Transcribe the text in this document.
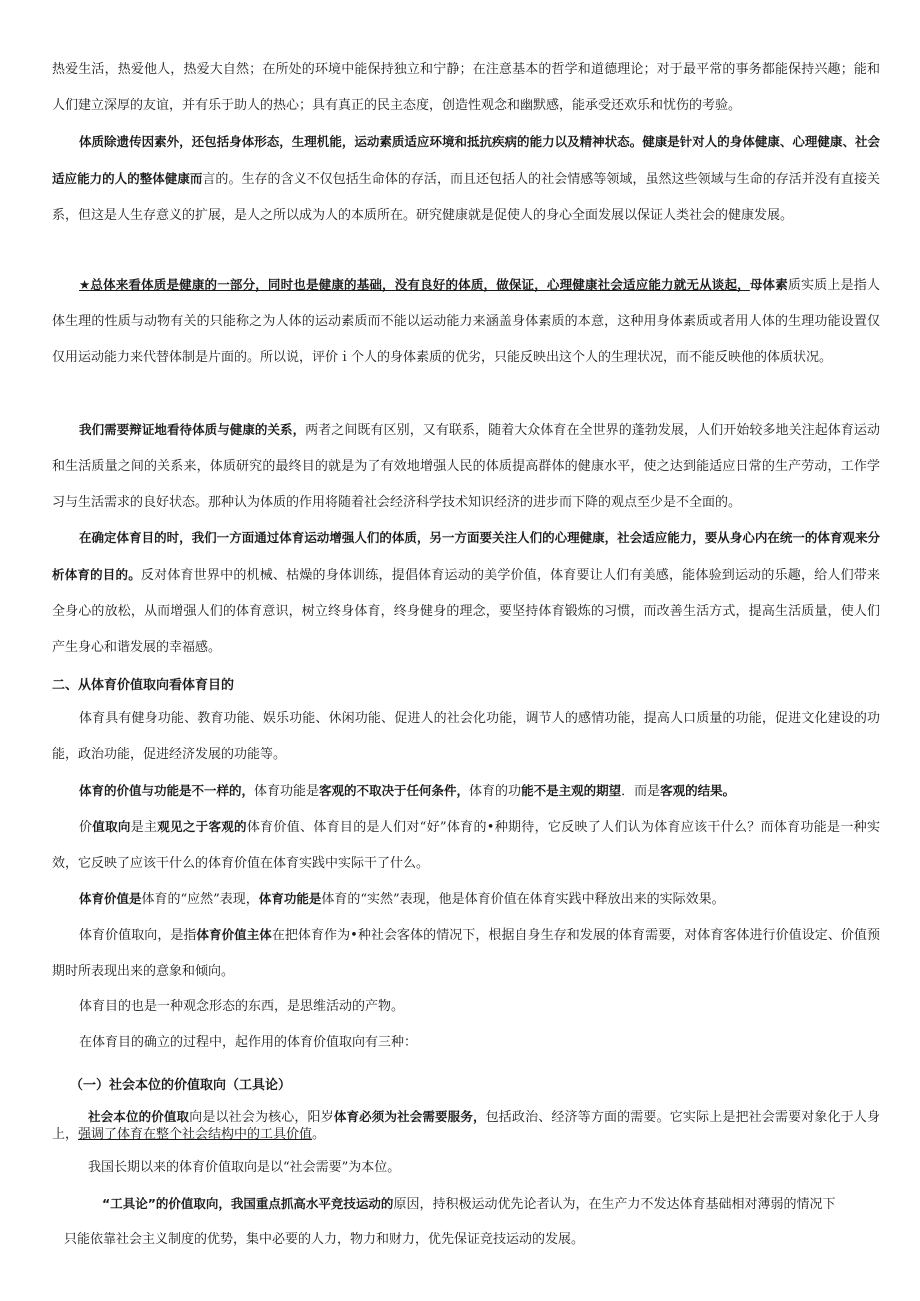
热爱生活，热爱他人，热爱大自然；在所处的环境中能保持独立和宁静；在注意基本的哲学和道德理论；对于最平常的事务都能保持兴趣；能和人们建立深厚的友谊，并有乐于助人的热心；具有真正的民主态度，创造性观念和幽默感，能承受还欢乐和忧伤的考验。

体质除遗传因素外，还包括身体形态，生理机能，运动素质适应环境和抵抗疾病的能力以及精神状态。健康是针对人的身体健康、心理健康、社会适应能力的人的整体健康而言的。生存的含义不仅包括生命体的存活，而且还包括人的社会情感等领域，虽然这些领域与生命的存活并没有直接关系，但这是人生存意义的扩展，是人之所以成为人的本质所在。研究健康就是促使人的身心全面发展以保证人类社会的健康发展。

★总体来看体质是健康的一部分，同时也是健康的基础，没有良好的体质，做保证，心理健康社会适应能力就无从谈起，母体素质实质上是指人体生理的性质与动物有关的只能称之为人体的运动素质而不能以运动能力来涵盖身体素质的本意，这种用身体素质或者用人体的生理功能设置仅仅用运动能力来代替体制是片面的。所以说，评价ｉ个人的身体素质的优劣，只能反映出这个人的生理状况，而不能反映他的体质状况。

我们需要辩证地看待体质与健康的关系，两者之间既有区别，又有联系，随着大众体育在全世界的蓬勃发展，人们开始较多地关注起体育运动和生活质量之间的关系来，体质研究的最终目的就是为了有效地增强人民的体质提高群体的健康水平，使之达到能适应日常的生产劳动，工作学习与生活需求的良好状态。那种认为体质的作用将随着社会经济科学技术知识经济的进步而下降的观点至少是不全面的。

在确定体育目的时，我们一方面通过体育运动增强人们的体质，另一方面要关注人们的心理健康，社会适应能力，要从身心内在统一的体育观来分析体育的目的。反对体育世界中的机械、枯燥的身体训练，提倡体育运动的美学价值，体育要让人们有美感，能体验到运动的乐趣，给人们带来全身心的放松，从而增强人们的体育意识，树立终身体育，终身健身的理念，要坚持体育锻炼的习惯，而改善生活方式，提高生活质量，使人们产生身心和谐发展的幸福感。

二、从体育价值取向看体育目的

体育具有健身功能、教育功能、娱乐功能、休闲功能、促进人的社会化功能，调节人的感情功能，提高人口质量的功能，促进文化建设的功能，政治功能，促进经济发展的功能等。

体育的价值与功能是不一样的，体育功能是客观的不取决于任何条件，体育的功能不是主观的期望．而是客观的结果。

价值取向是主观见之于客观的体育价值、体育目的是人们对“好”体育的•种期待，它反映了人们认为体育应该干什么？而体育功能是一种实效，它反映了应该干什么的体育价值在体育实践中实际干了什么。

体育价值是体育的“应然”表现，体育功能是体育的“实然”表现，他是体育价值在体育实践中释放出来的实际效果。

体育价值取向，是指体育价值主体在把体育作为•种社会客体的情况下，根据自身生存和发展的体育需要，对体育客体进行价值设定、价值预期时所表现出来的意象和倾向。

体育目的也是一种观念形态的东西，是思维活动的产物。

在体育目的确立的过程中，起作用的体育价值取向有三种：

（一）社会本位的价值取向（工具论）

社会本位的价值取向是以社会为核心，阳岁体育必须为社会需要服务，包括政治、经济等方面的需要。它实际上是把社会需要对象化于人身上，强调了体育在整个社会结构中的工具价值。

我国长期以来的体育价值取向是以“社会需要”为本位。

“工具论”的价值取向，我国重点抓高水平竞技运动的原因，持积极运动优先论者认为，在生产力不发达体育基础相对薄弱的情况下

只能依靠社会主义制度的优势，集中必要的人力，物力和财力，优先保证竞技运动的发展。
